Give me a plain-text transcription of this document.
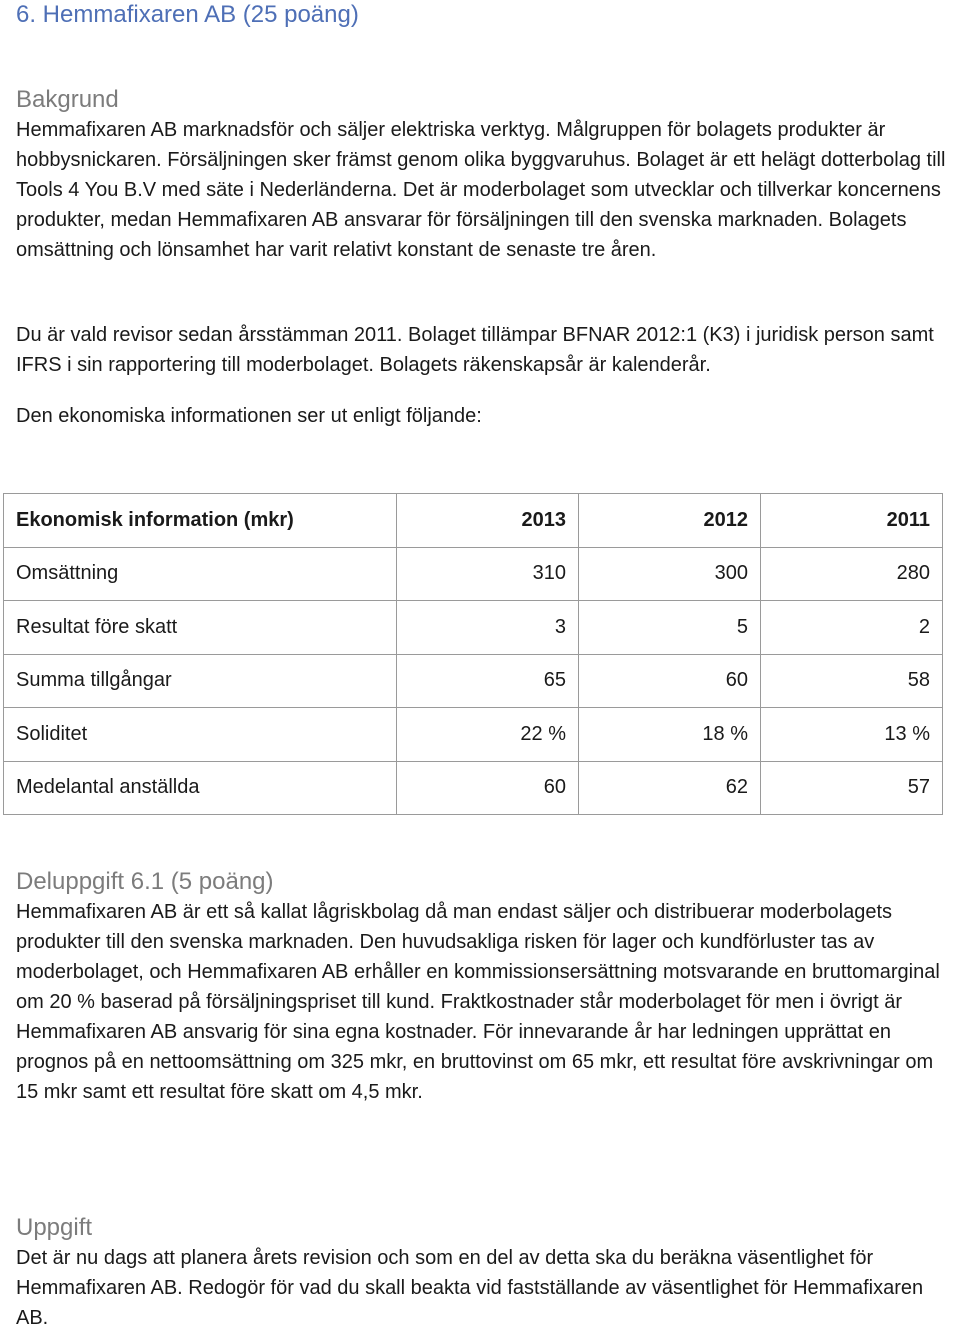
6. Hemmafixaren AB (25 poäng)
Bakgrund

Hemmafixaren AB marknadsför och säljer elektriska verktyg. Målgruppen för bolagets produkter är hobbysnickaren. Försäljningen sker främst genom olika byggvaruhus. Bolaget är ett helägt dotterbolag till Tools 4 You B.V med säte i Nederländerna. Det är moderbolaget som utvecklar och tillverkar koncernens produkter, medan Hemmafixaren AB ansvarar för försäljningen till den svenska marknaden. Bolagets omsättning och lönsamhet har varit relativt konstant de senaste tre åren.

Du är vald revisor sedan årsstämman 2011. Bolaget tillämpar BFNAR 2012:1 (K3) i juridisk person samt IFRS i sin rapportering till moderbolaget. Bolagets räkenskapsår är kalenderår.

Den ekonomiska informationen ser ut enligt följande:

Ekonomisk information (mkr)	2013	2012	2011
Omsättning	310	300	280
Resultat före skatt	3	5	2
Summa tillgångar	65	60	58
Soliditet	22 %	18 %	13 %
Medelantal anställda	60	62	57
Deluppgift 6.1 (5 poäng)

Hemmafixaren AB är ett så kallat lågriskbolag då man endast säljer och distribuerar moderbolagets produkter till den svenska marknaden. Den huvudsakliga risken för lager och kundförluster tas av moderbolaget, och Hemmafixaren AB erhåller en kommissionsersättning motsvarande en bruttomarginal om 20 % baserad på försäljningspriset till kund. Fraktkostnader står moderbolaget för men i övrigt är Hemmafixaren AB ansvarig för sina egna kostnader. För innevarande år har ledningen upprättat en prognos på en nettoomsättning om 325 mkr, en bruttovinst om 65 mkr, ett resultat före avskrivningar om 15 mkr samt ett resultat före skatt om 4,5 mkr.

Uppgift

Det är nu dags att planera årets revision och som en del av detta ska du beräkna väsentlighet för Hemmafixaren AB. Redogör för vad du skall beakta vid fastställande av väsentlighet för Hemmafixaren AB.
